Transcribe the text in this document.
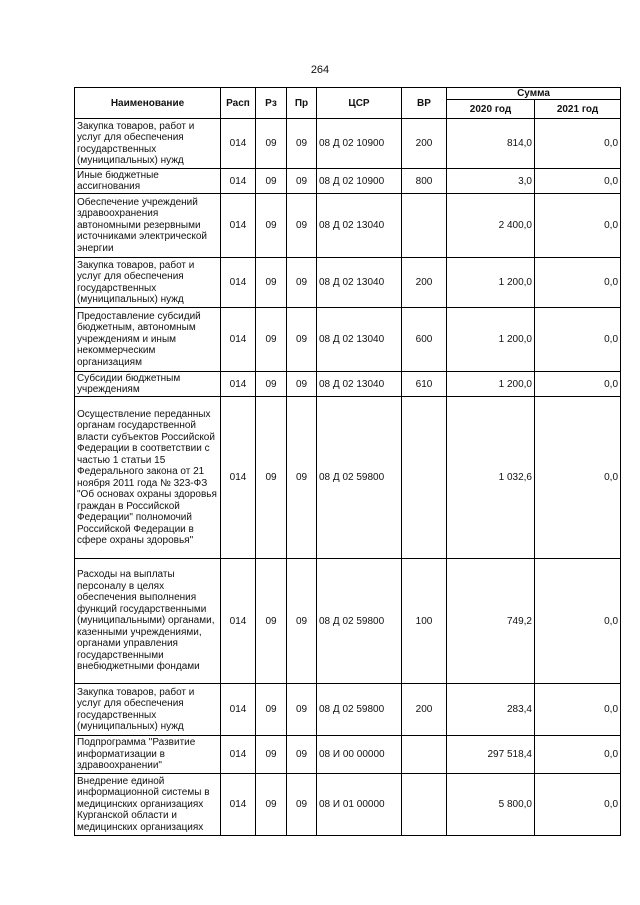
264
Наименование	Расп	Рз	Пр	ЦСР	ВР	Сумма	
						2020 год	2021 год
Закупка товаров, работ и услуг для обеспечения государственных (муниципальных) нужд	014	09	09	08 Д 02 10900	200	814,0	0,0
Иные бюджетные ассигнования	014	09	09	08 Д 02 10900	800	3,0	0,0
Обеспечение учреждений здравоохранения автономными резервными источниками электрической энергии	014	09	09	08 Д 02 13040		2 400,0	0,0
Закупка товаров, работ и услуг для обеспечения государственных (муниципальных) нужд	014	09	09	08 Д 02 13040	200	1 200,0	0,0
Предоставление субсидий бюджетным, автономным учреждениям и иным некоммерческим организациям	014	09	09	08 Д 02 13040	600	1 200,0	0,0
Субсидии бюджетным учреждениям	014	09	09	08 Д 02 13040	610	1 200,0	0,0
Осуществление переданных органам государственной власти субъектов Российской Федерации в соответствии с частью 1 статьи 15 Федерального закона от 21 ноября 2011 года № 323-ФЗ "Об основах охраны здоровья граждан в Российской Федерации" полномочий Российской Федерации в сфере охраны здоровья"	014	09	09	08 Д 02 59800		1 032,6	0,0
Расходы на выплаты персоналу в целях обеспечения выполнения функций государственными (муниципальными) органами, казенными учреждениями, органами управления государственными внебюджетными фондами	014	09	09	08 Д 02 59800	100	749,2	0,0
Закупка товаров, работ и услуг для обеспечения государственных (муниципальных) нужд	014	09	09	08 Д 02 59800	200	283,4	0,0
Подпрограмма "Развитие информатизации в здравоохранении"	014	09	09	08 И 00 00000		297 518,4	0,0
Внедрение единой информационной системы в медицинских организациях Курганской области и медицинских организациях	014	09	09	08 И 01 00000		5 800,0	0,0
